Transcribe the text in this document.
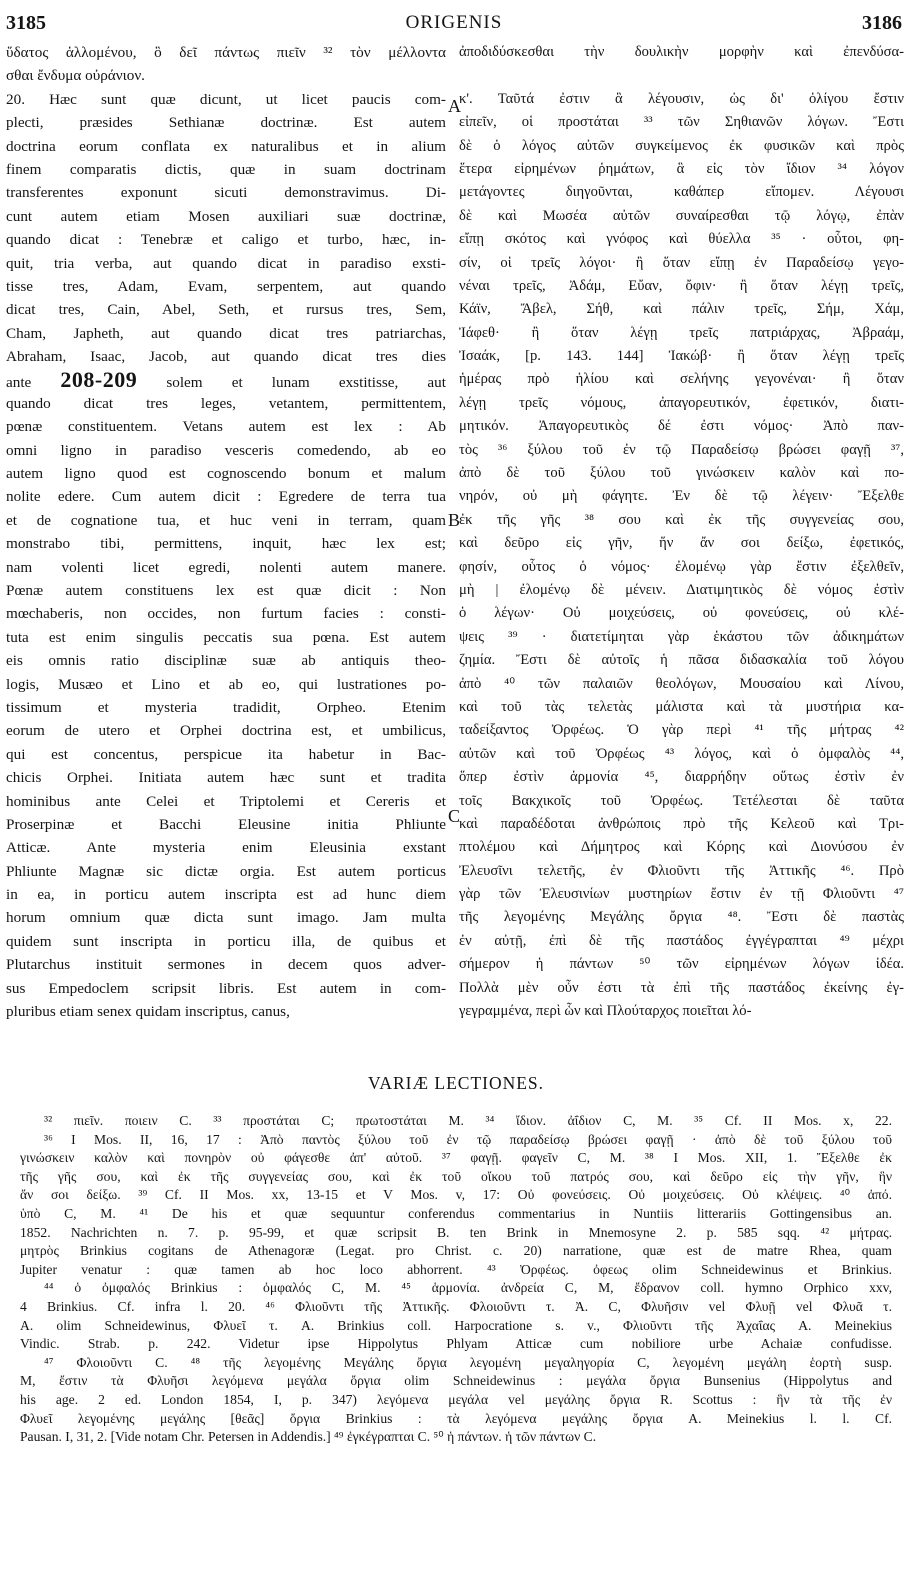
3185	ORIGENIS	3186
ὕδατος ἁλλομένου, ὃ δεῖ πάντως πιεῖν ³² τὸν μέλλοντα
σθαι ἔνδυμα οὐράνιον.
20. Hæc sunt quæ dicunt, ut licet paucis com-
plecti, præsides Sethianæ doctrinæ. Est autem
doctrina eorum conflata ex naturalibus et in alium
finem comparatis dictis, quæ in suam doctrinam
transferentes exponunt sicuti demonstravimus. Di-
cunt autem etiam Mosen auxiliari suæ doctrinæ,
quando dicat : Tenebræ et caligo et turbo, hæc, in-
quit, tria verba, aut quando dicat in paradiso exsti-
tisse tres, Adam, Evam, serpentem, aut quando
dicat tres, Cain, Abel, Seth, et rursus tres, Sem,
Cham, Japheth, aut quando dicat tres patriarchas,
Abraham, Isaac, Jacob, aut quando dicat tres dies
ante 208-209 solem et lunam exstitisse, aut
quando dicat tres leges, vetantem, permittentem,
pœnæ constituentem. Vetans autem est lex : Ab
omni ligno in paradiso vesceris comedendo, ab eo
autem ligno quod est cognoscendo bonum et malum
nolite edere. Cum autem dicit : Egredere de terra tua
et de cognatione tua, et huc veni in terram, quam
monstrabo tibi, permittens, inquit, hæc lex est;
nam volenti licet egredi, nolenti autem manere.
Pœnæ autem constituens lex est quæ dicit : Non
mœchaberis, non occides, non furtum facies : consti-
tuta est enim singulis peccatis sua pœna. Est autem
eis omnis ratio disciplinæ suæ ab antiquis theo-
logis, Musæo et Lino et ab eo, qui lustrationes po-
tissimum et mysteria tradidit, Orpheo. Etenim
eorum de utero et Orphei doctrina est, et umbilicus,
qui est concentus, perspicue ita habetur in Bac-
chicis Orphei. Initiata autem hæc sunt et tradita
hominibus ante Celei et Triptolemi et Cereris et
Proserpinæ et Bacchi Eleusine initia Phliunte
Atticæ. Ante mysteria enim Eleusinia exstant
Phliunte Magnæ sic dictæ orgia. Est autem porticus
in ea, in porticu autem inscripta est ad hunc diem
horum omnium quæ dicta sunt imago. Jam multa
quidem sunt inscripta in porticu illa, de quibus et
Plutarchus instituit sermones in decem quos adver-
sus Empedoclem scripsit libris. Est autem in com-
pluribus etiam senex quidam inscriptus, canus,
ἀποδιδύσκεσθαι τὴν δουλικὴν μορφὴν καὶ ἐπενδύσα-
κ'. Ταῦτά ἐστιν ἃ λέγουσιν, ὡς δι' ὀλίγου ἔστιν
εἰπεῖν, οἱ προστάται ³³ τῶν Σηθιανῶν λόγων. Ἔστι
δὲ ὁ λόγος αὐτῶν συγκείμενος ἐκ φυσικῶν καὶ πρὸς
ἕτερα εἰρημένων ῥημάτων, ἃ εἰς τὸν ἴδιον ³⁴ λόγον
μετάγοντες διηγοῦνται, καθάπερ εἴπομεν. Λέγουσι
δὲ καὶ Μωσέα αὐτῶν συναίρεσθαι τῷ λόγῳ, ἐπὰν
εἴπῃ σκότος καὶ γνόφος καὶ θύελλα ³⁵ · οὗτοι, φη-
σίν, οἱ τρεῖς λόγοι· ἢ ὅταν εἴπῃ ἐν Παραδείσῳ γεγο-
νέναι τρεῖς, Ἀδάμ, Εὔαν, ὄφιν· ἢ ὅταν λέγῃ τρεῖς,
Κάϊν, Ἄβελ, Σήθ, καὶ πάλιν τρεῖς, Σήμ, Χάμ,
Ἰάφεθ· ἢ ὅταν λέγῃ τρεῖς πατριάρχας, Ἀβραάμ,
Ἰσαάκ, [p. 143. 144] Ἰακώβ· ἢ ὅταν λέγῃ τρεῖς
ἡμέρας πρὸ ἡλίου καὶ σελήνης γεγονέναι· ἢ ὅταν
λέγῃ τρεῖς νόμους, ἀπαγορευτικόν, ἐφετικόν, διατι-
μητικόν. Ἀπαγορευτικὸς δέ ἐστι νόμος· Ἀπὸ παν-
τὸς ³⁶ ξύλου τοῦ ἐν τῷ Παραδείσῳ βρώσει φαγῇ ³⁷,
ἀπὸ δὲ τοῦ ξύλου τοῦ γινώσκειν καλὸν καὶ πο-
νηρόν, οὐ μὴ φάγητε. Ἐν δὲ τῷ λέγειν· Ἔξελθε
ἐκ τῆς γῆς ³⁸ σου καὶ ἐκ τῆς συγγενείας σου,
καὶ δεῦρο εἰς γῆν, ἥν ἄν σοι δείξω, ἐφετικός,
φησίν, οὗτος ὁ νόμος· ἐλομένῳ γὰρ ἔστιν ἐξελθεῖν,
μὴ | ἐλομένῳ δὲ μένειν. Διατιμητικὸς δὲ νόμος ἐστὶν
ὁ λέγων· Οὐ μοιχεύσεις, οὐ φονεύσεις, οὐ κλέ-
ψεις ³⁹ · διατετίμηται γὰρ ἑκάστου τῶν ἀδικημάτων
ζημία. Ἔστι δὲ αὐτοῖς ἡ πᾶσα διδασκαλία τοῦ λόγου
ἀπὸ ⁴⁰ τῶν παλαιῶν θεολόγων, Μουσαίου καὶ Λίνου,
καὶ τοῦ τὰς τελετὰς μάλιστα καὶ τὰ μυστήρια κα-
ταδείξαντος Ὀρφέως. Ὁ γὰρ περὶ ⁴¹ τῆς μήτρας ⁴²
αὐτῶν καὶ τοῦ Ὀρφέως ⁴³ λόγος, καὶ ὁ ὀμφαλὸς ⁴⁴,
ὅπερ ἐστὶν ἁρμονία ⁴⁵, διαρρήδην οὕτως ἐστὶν ἐν
τοῖς Βακχικοῖς τοῦ Ὀρφέως. Τετέλεσται δὲ ταῦτα
καὶ παραδέδοται ἀνθρώποις πρὸ τῆς Κελεοῦ καὶ Τρι-
πτολέμου καὶ Δήμητρος καὶ Κόρης καὶ Διονύσου ἐν
Ἐλευσῖνι τελετῆς, ἐν Φλιοῦντι τῆς Ἀττικῆς ⁴⁶. Πρὸ
γὰρ τῶν Ἐλευσινίων μυστηρίων ἔστιν ἐν τῇ Φλιοῦντι ⁴⁷
τῆς λεγομένης Μεγάλης ὄργια ⁴⁸. Ἔστι δὲ παστὰς
ἐν αὐτῇ, ἐπὶ δὲ τῆς παστάδος ἐγγέγραπται ⁴⁹ μέχρι
σήμερον ἡ πάντων ⁵⁰ τῶν εἰρημένων λόγων ἰδέα.
Πολλὰ μὲν οὖν ἐστι τὰ ἐπὶ τῆς παστάδος ἐκείνης ἐγ-
γεγραμμένα, περὶ ὧν καὶ Πλούταρχος ποιεῖται λό-
A
B
C
VARIÆ LECTIONES.
³² πιεῖν. ποιειν C. ³³ προστάται C; πρωτοστάται M. ³⁴ ἴδιον. ἀΐδιον C, M. ³⁵ Cf. II Mos. x, 22.
³⁶ I Mos. II, 16, 17 : Ἀπὸ παντὸς ξύλου τοῦ ἐν τῷ παραδείσῳ βρώσει φαγῇ · ἀπὸ δὲ τοῦ ξύλου τοῦ
γινώσκειν καλὸν καὶ πονηρὸν οὐ φάγεσθε ἀπ' αὐτοῦ. ³⁷ φαγῇ. φαγεῖν C, M. ³⁸ I Mos. XII, 1. Ἔξελθε ἐκ
τῆς γῆς σου, καὶ ἐκ τῆς συγγενείας σου, καὶ ἐκ τοῦ οἴκου τοῦ πατρός σου, καὶ δεῦρο εἰς τὴν γῆν, ἣν
ἄν σοι δείξω. ³⁹ Cf. II Mos. xx, 13-15 et V Mos. v, 17: Οὐ φονεύσεις. Οὐ μοιχεύσεις. Οὐ κλέψεις. ⁴⁰ ἀπό.
ὑπὸ C, M. ⁴¹ De his et quæ sequuntur conferendus commentarius in Nuntiis litterariis Gottingensibus an.
1852. Nachrichten n. 7. p. 95-99, et quæ scripsit B. ten Brink in Mnemosyne 2. p. 585 sqq. ⁴² μήτρας.
μητρὸς Brinkius cogitans de Athenagoræ (Legat. pro Christ. c. 20) narratione, quæ est de matre Rhea, quam
Jupiter venatur : quæ tamen ab hoc loco abhorrent. ⁴³ Ὀρφέως. ὀφεως olim Schneidewinus et Brinkius.
⁴⁴ ὁ ὀμφαλός Brinkius : ὀμφαλός C, M. ⁴⁵ ἁρμονία. ἀνδρεία C, M, ἔδρανον coll. hymno Orphico xxv,
4 Brinkius. Cf. infra l. 20. ⁴⁶ Φλιοῦντι τῆς Ἀττικῆς. Φλοιοῦντι τ. Ἀ. C, Φλυῆσιν vel Φλυῇ vel Φλυᾶ τ.
A. olim Schneidewinus, Φλυεῖ τ. A. Brinkius coll. Harpocratione s. v., Φλιοῦντι τῆς Ἀχαΐας A. Meinekius
Vindic. Strab. p. 242. Videtur ipse Hippolytus Phlyam Atticæ cum nobiliore urbe Achaiæ confudisse.
⁴⁷ Φλοιοῦντι C. ⁴⁸ τῆς λεγομένης Μεγάλης ὄργια λεγομένη μεγαληγορία C, λεγομένη μεγάλη ἑορτὴ susp.
M, ἔστιν τὰ Φλυῆσι λεγόμενα μεγάλα ὄργια olim Schneidewinus : μεγάλα ὄργια Bunsenius (Hippolytus and
his age. 2 ed. London 1854, I, p. 347) λεγόμενα μεγάλα vel μεγάλης ὄργια R. Scottus : ἣν τὰ τῆς ἐν
Φλυεῖ λεγομένης μεγάλης [θεᾶς] ὄργια Brinkius : τὰ λεγόμενα μεγάλης ὄργια A. Meinekius l. l. Cf.
Pausan. I, 31, 2. [Vide notam Chr. Petersen in Addendis.] ⁴⁹ ἐγκέγραπται C. ⁵⁰ ἡ πάντων. ἡ τῶν πάντων C.
